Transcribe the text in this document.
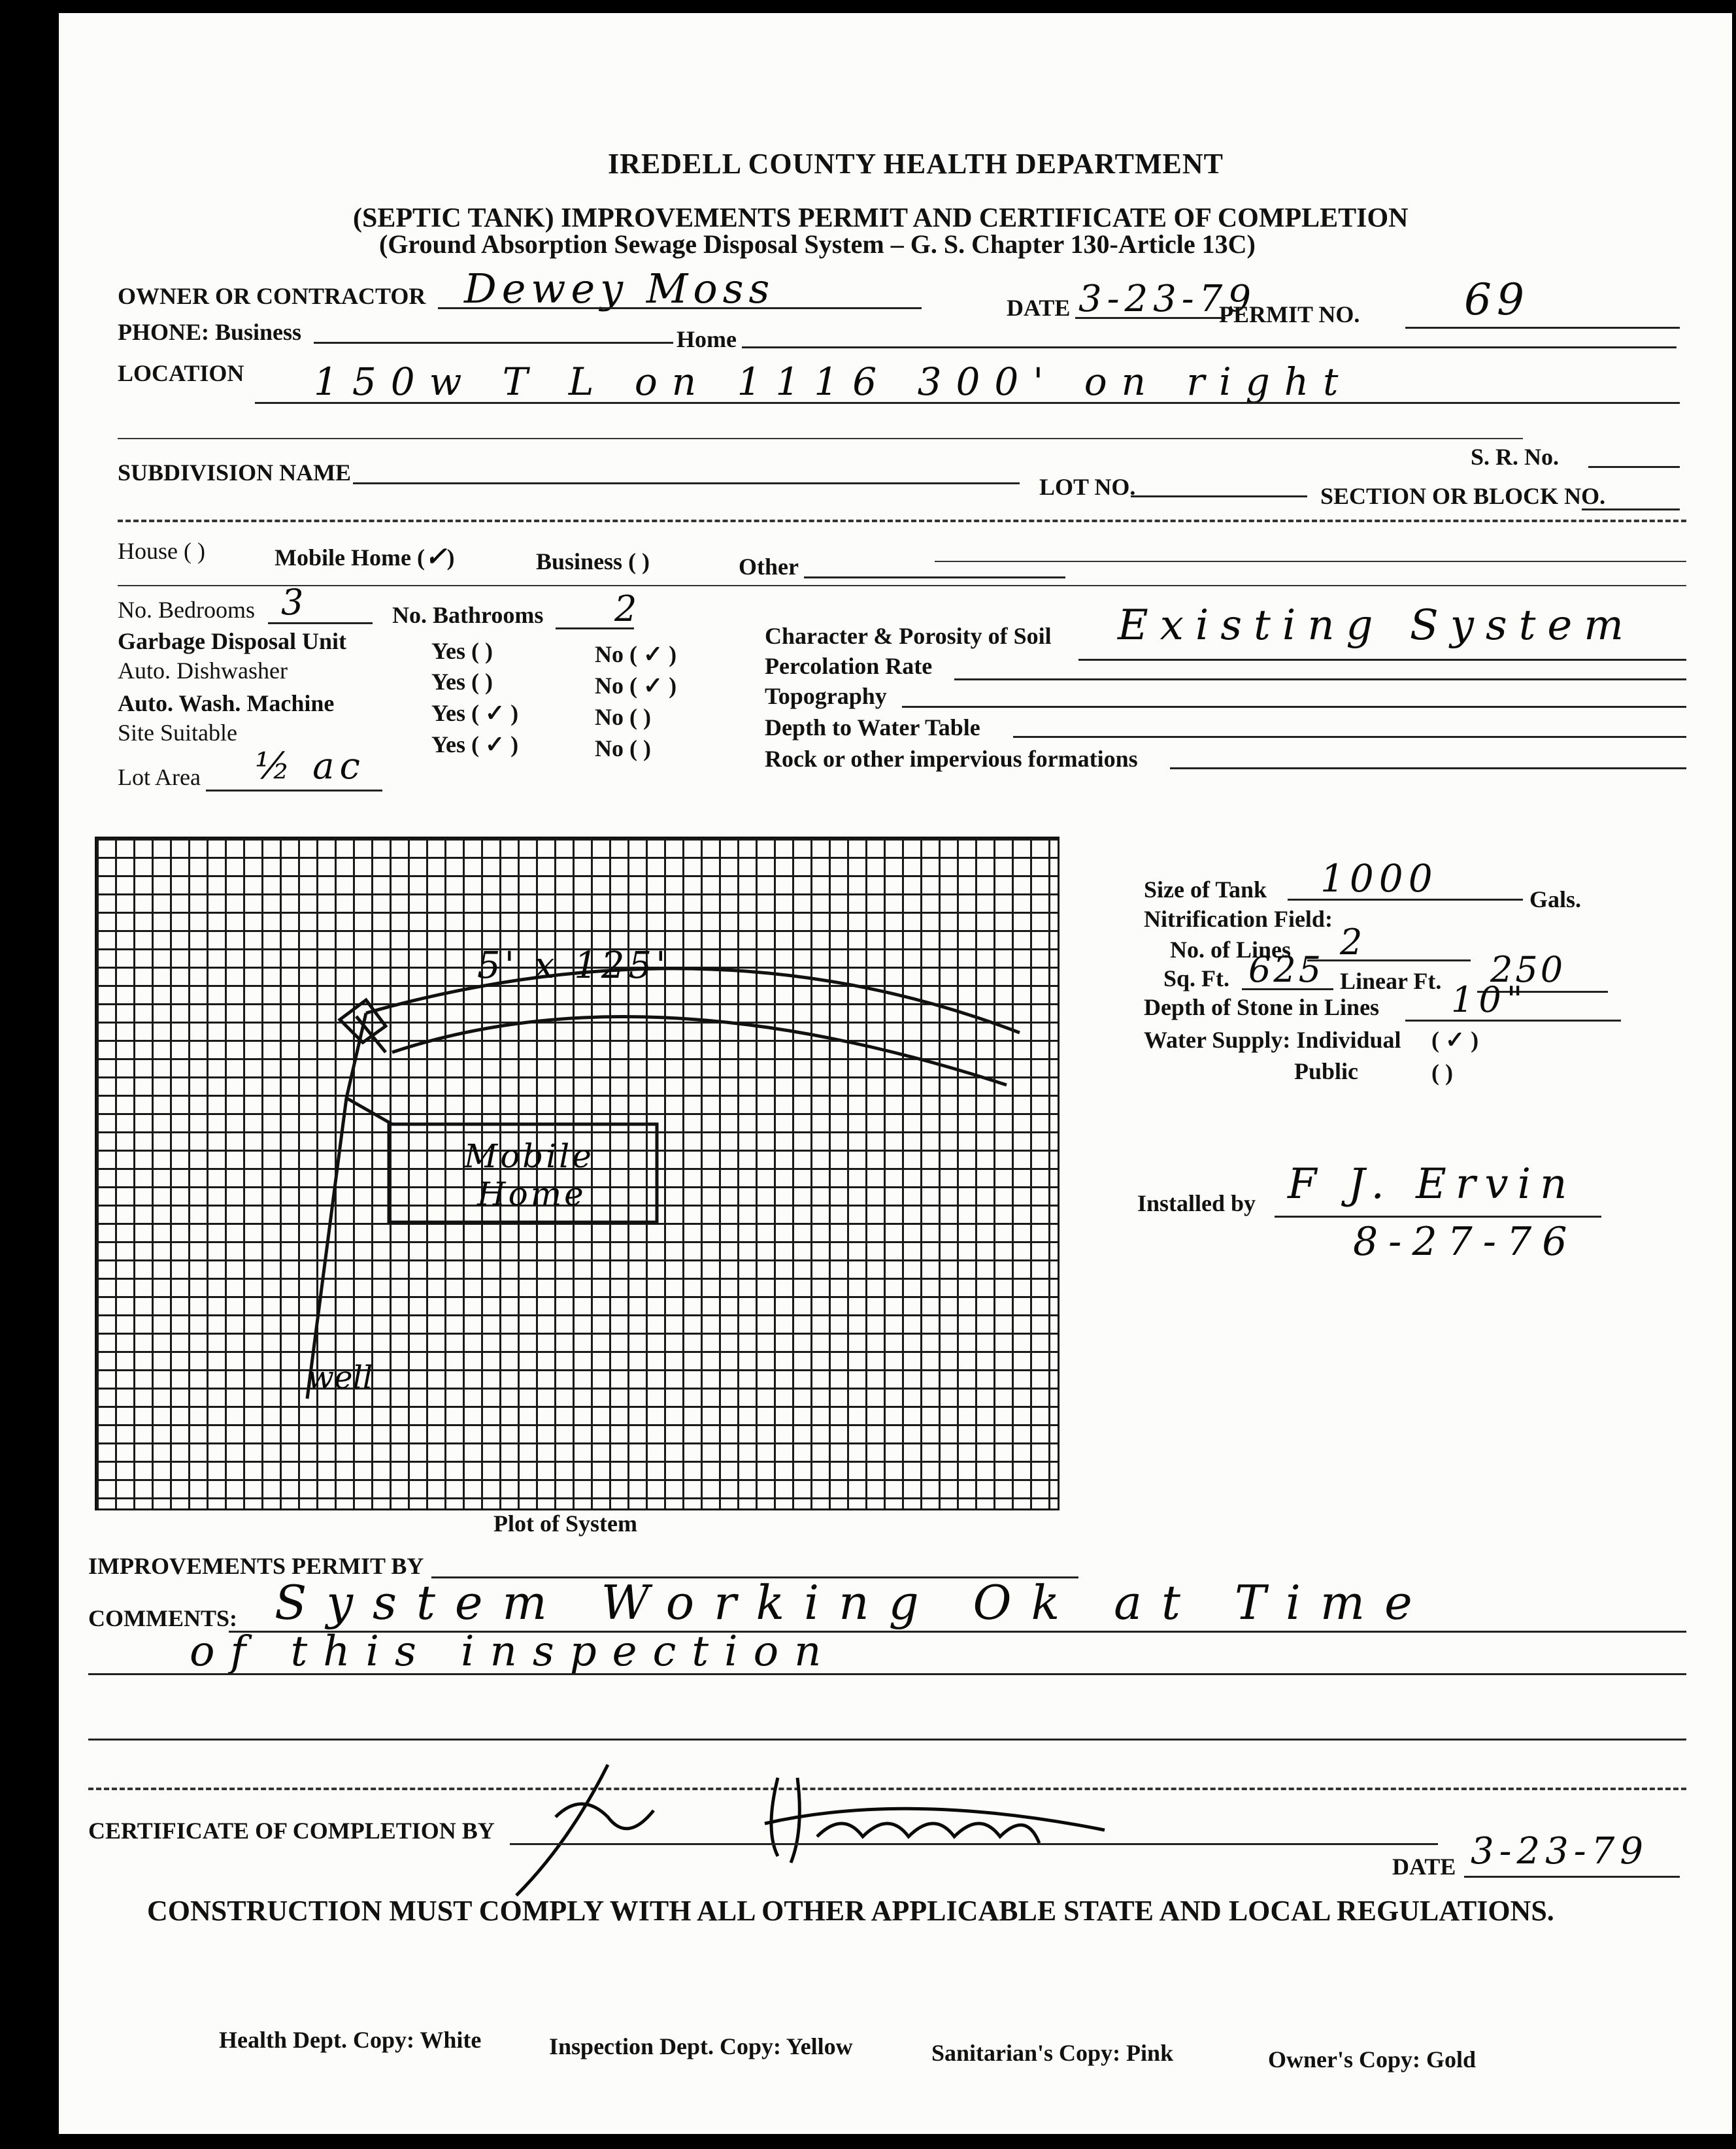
IREDELL COUNTY HEALTH DEPARTMENT
(SEPTIC TANK) IMPROVEMENTS PERMIT AND CERTIFICATE OF COMPLETION
(Ground Absorption Sewage Disposal System – G. S. Chapter 130-Article 13C)
OWNER OR CONTRACTOR Dewey Moss	DATE 3-23-79
PERMIT NO. 69
PHONE: Business	Home
LOCATION 150w T L on 1116 300' on right
S. R. No.
SUBDIVISION NAME
LOT NO.	SECTION OR BLOCK NO.
House ( )	Mobile Home (✓)	Business ( )	Other
No. Bedrooms 3	No. Bathrooms 2
Garbage Disposal Unit	Yes ( )	No ( ✓ )
Auto. Dishwasher	Yes ( )	No ( ✓ )
Auto. Wash. Machine	Yes ( ✓ )	No ( )
Site Suitable	Yes ( ✓ )	No ( )
Lot Area ½ ac
Character & Porosity of Soil Existing System
Percolation Rate
Topography
Depth to Water Table
Rock or other impervious formations
5' x 125'
Mobile
Home
well
Plot of System
Size of Tank 1000	Gals.
Nitrification Field:
No. of Lines 2
Sq. Ft. 625 Linear Ft. 250
Depth of Stone in Lines 10"
Water Supply: Individual ( ✓ )
Public	( )
Installed by F J. Ervin
8-27-76
IMPROVEMENTS PERMIT BY
COMMENTS: System Working Ok at Time
of this inspection
CERTIFICATE OF COMPLETION BY
DATE 3-23-79
CONSTRUCTION MUST COMPLY WITH ALL OTHER APPLICABLE STATE AND LOCAL REGULATIONS.
Health Dept. Copy: White	Inspection Dept. Copy: Yellow	Sanitarian's Copy: Pink	Owner's Copy: Gold
